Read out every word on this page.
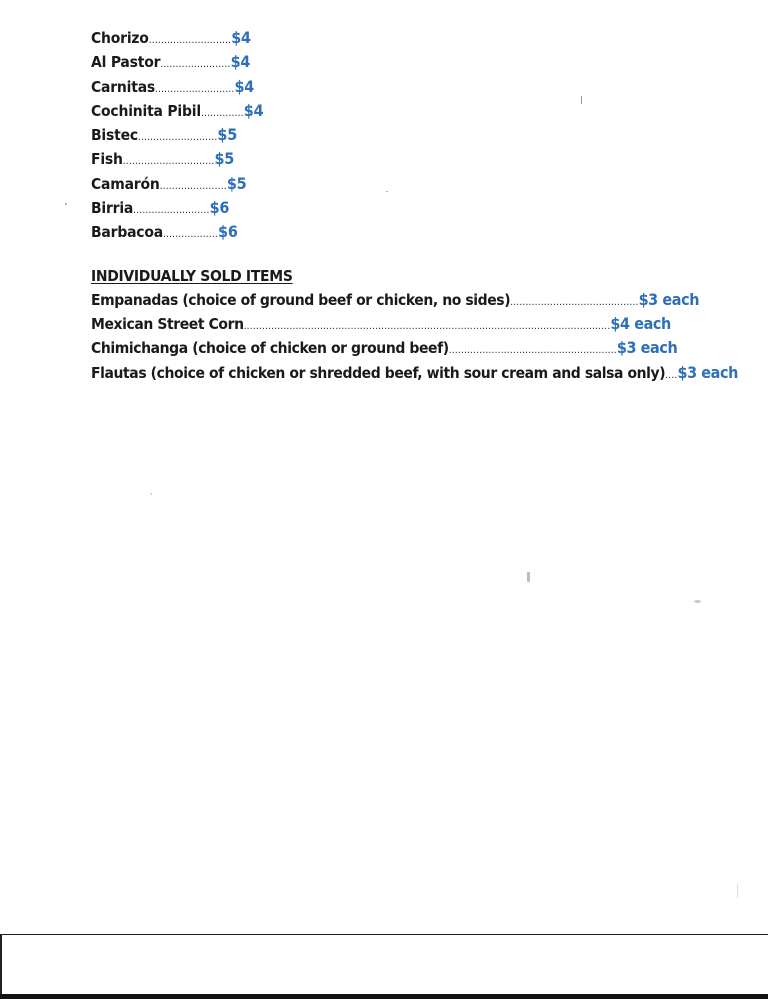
Chorizo ........................... $4
Al Pastor ....................... $4
Carnitas .......................... $4
Cochinita Pibil .............. $4
Bistec .......................... $5
Fish .............................. $5
Camarón ...................... $5
Birria ......................... $6
Barbacoa .................. $6
INDIVIDUALLY SOLD ITEMS
Empanadas (choice of ground beef or chicken, no sides)..........................................$3 each
Mexican Street Corn........................................................................................................................$4 each
Chimichanga (choice of chicken or ground beef).......................................................$3 each
Flautas (choice of chicken or shredded beef, with sour cream and salsa only)....$3 each
